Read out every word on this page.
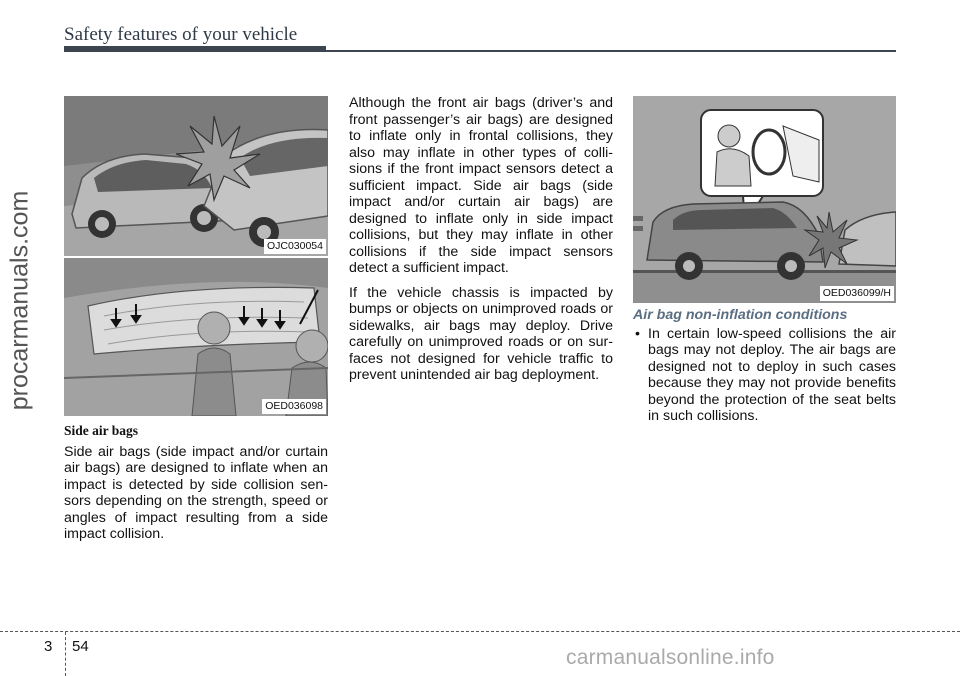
procarmanuals.com
Safety features of your vehicle
OJC030054
OED036098
OED036099/H
Side air bags

Side air bags (side impact and/or curtain air bags) are designed to inflate when an impact is detected by side collision sen-sors depending on the strength, speed or angles of impact resulting from a side impact collision.

Although the front air bags (driver’s and front passenger’s air bags) are designed to inflate only in frontal collisions, they also may inflate in other types of colli-sions if the front impact sensors detect a sufficient impact. Side air bags (side impact and/or curtain air bags) are designed to inflate only in side impact collisions, but they may inflate in other collisions if the side impact sensors detect a sufficient impact.

If the vehicle chassis is impacted by bumps or objects on unimproved roads or sidewalks, air bags may deploy. Drive carefully on unimproved roads or on sur-faces not designed for vehicle traffic to prevent unintended air bag deployment.

Air bag non-inflation conditions
• In certain low-speed collisions the air bags may not deploy. The air bags are designed not to deploy in such cases because they may not provide benefits beyond the protection of the seat belts in such collisions.
3 54	carmanualsonline.info
